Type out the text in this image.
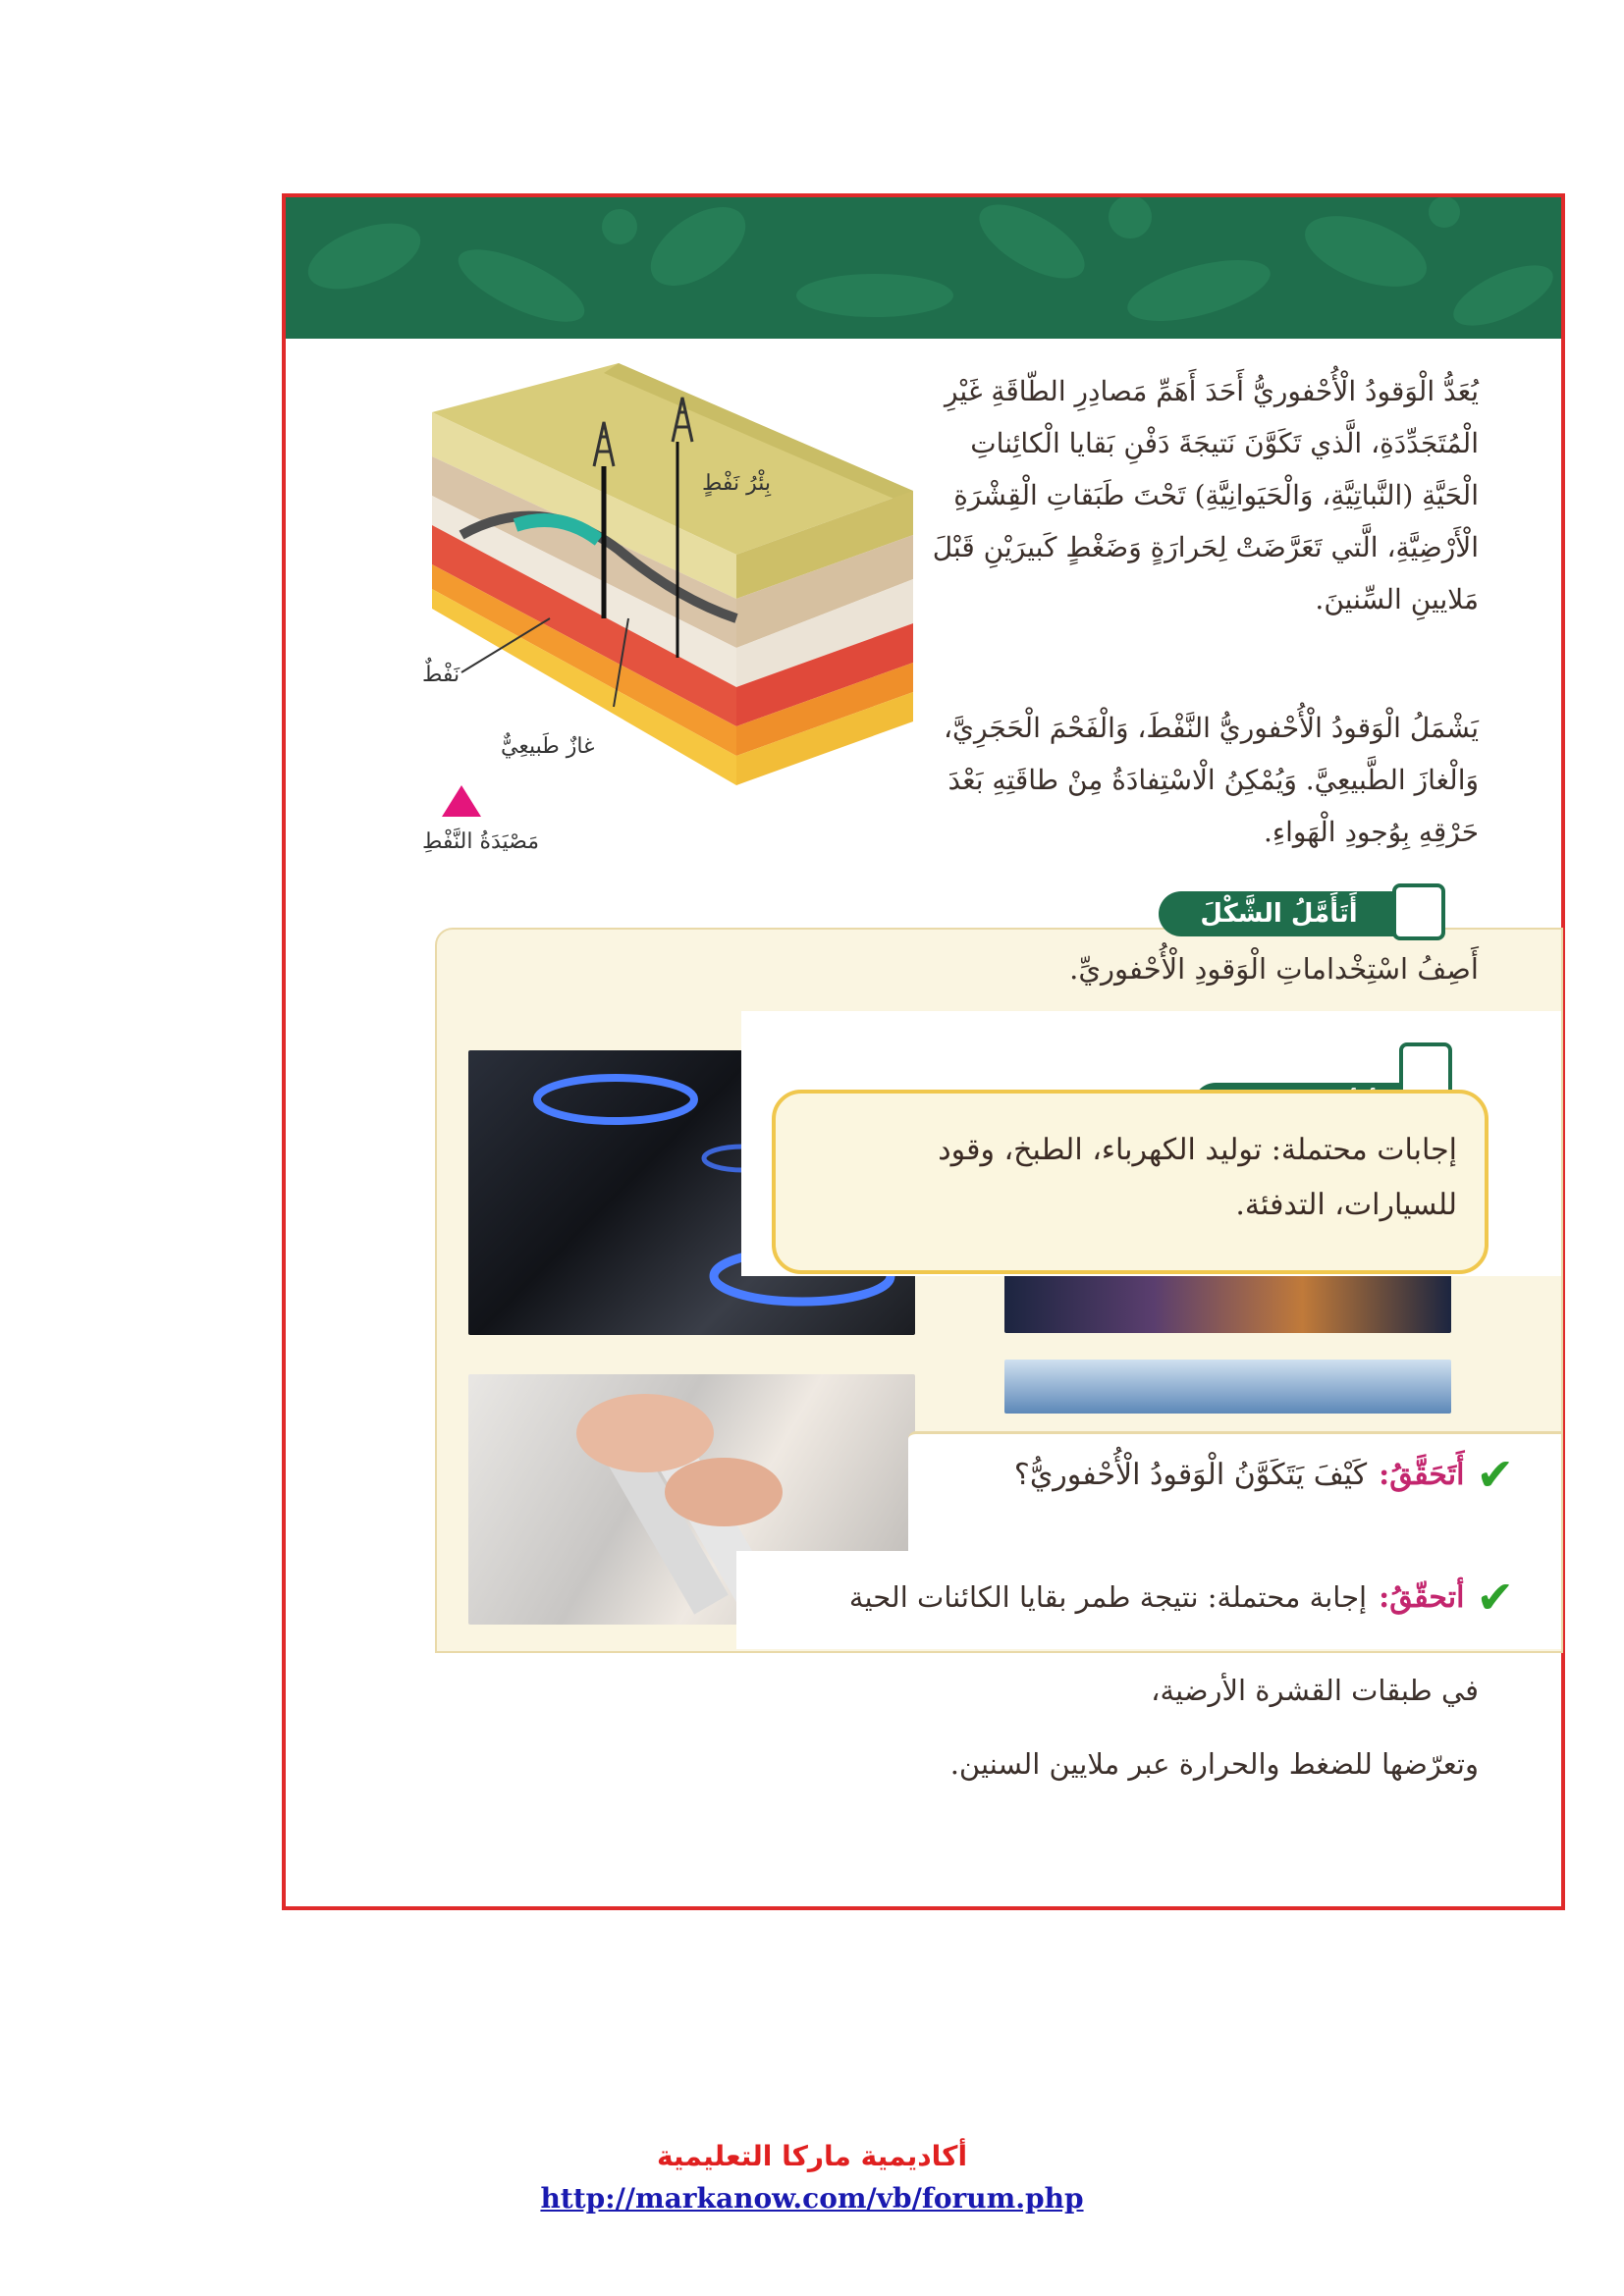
يُعَدُّ الْوَقودُ الْأُحْفوريُّ أَحَدَ أَهَمِّ مَصادِرِ الطّاقَةِ غَيْرِ الْمُتَجَدِّدَةِ، الَّذي تَكَوَّنَ نَتيجَةَ دَفْنِ بَقايا الْكائِناتِ الْحَيَّةِ (النَّباتِيَّةِ، وَالْحَيَوانِيَّةِ) تَحْتَ طَبَقاتِ الْقِشْرَةِ الْأَرْضِيَّةِ، الَّتي تَعَرَّضَتْ لِحَرارَةٍ وَضَغْطٍ كَبيرَيْنِ قَبْلَ مَلايينِ السِّنينَ.
يَشْمَلُ الْوَقودُ الْأُحْفوريُّ النَّفْطَ، وَالْفَحْمَ الْحَجَرِيَّ، وَالْغازَ الطَّبيعِيَّ. وَيُمْكِنُ الْاسْتِفادَةُ مِنْ طاقَتِهِ بَعْدَ حَرْقِهِ بِوُجودِ الْهَواءِ.
بِئْرُ نَفْطٍ
نَفْطٌ
غازٌ طَبيعِيٌّ
مَصْيَدَةُ النَّفْطِ
أَتَأَمَّلُ الشَّكْلَ
أَصِفُ اسْتِخْداماتِ الْوَقودِ الْأُحْفوريِّ.
إجابات محتملة: توليد الكهرباء، الطبخ، وقود
للسيارات، التدفئة.
✔
أَتَحَقَّقُ:
كَيْفَ يَتَكَوَّنُ الْوَقودُ الْأُحْفوريُّ؟
✔
أتحقّقُ:
إجابة محتملة: نتيجة طمر بقايا الكائنات الحية
في طبقات القشرة الأرضية،
وتعرّضها للضغط والحرارة عبر ملايين السنين.
أكاديمية ماركا التعليمية
http://markanow.com/vb/forum.php
